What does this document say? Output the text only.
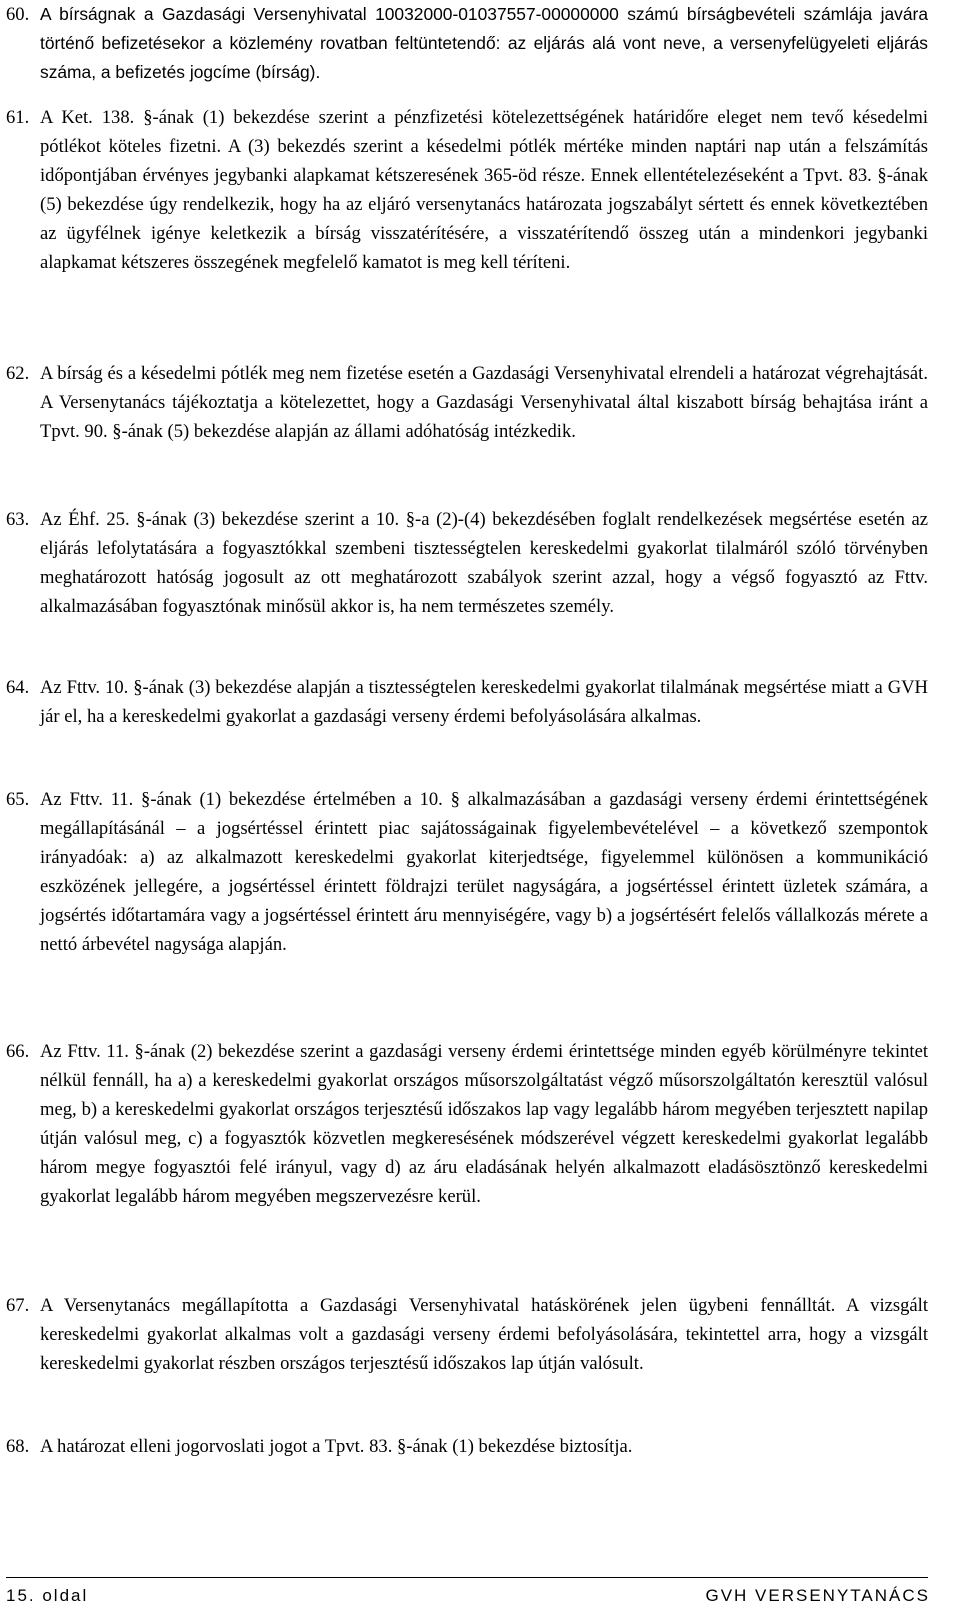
60. A bírságnak a Gazdasági Versenyhivatal 10032000-01037557-00000000 számú bírságbevételi számlája javára történő befizetésekor a közlemény rovatban feltüntetendő: az eljárás alá vont neve, a versenyfelügyeleti eljárás száma, a befizetés jogcíme (bírság).
61. A Ket. 138. §-ának (1) bekezdése szerint a pénzfizetési kötelezettségének határidőre eleget nem tevő késedelmi pótlékot köteles fizetni. A (3) bekezdés szerint a késedelmi pótlék mértéke minden naptári nap után a felszámítás időpontjában érvényes jegybanki alapkamat kétszeresének 365-öd része. Ennek ellentételezéseként a Tpvt. 83. §-ának (5) bekezdése úgy rendelkezik, hogy ha az eljáró versenytanács határozata jogszabályt sértett és ennek következtében az ügyfélnek igénye keletkezik a bírság visszatérítésére, a visszatérítendő összeg után a mindenkori jegybanki alapkamat kétszeres összegének megfelelő kamatot is meg kell téríteni.
62. A bírság és a késedelmi pótlék meg nem fizetése esetén a Gazdasági Versenyhivatal elrendeli a határozat végrehajtását. A Versenytanács tájékoztatja a kötelezettet, hogy a Gazdasági Versenyhivatal által kiszabott bírság behajtása iránt a Tpvt. 90. §-ának (5) bekezdése alapján az állami adóhatóság intézkedik.
63. Az Éhf. 25. §-ának (3) bekezdése szerint a 10. §-a (2)-(4) bekezdésében foglalt rendelkezések megsértése esetén az eljárás lefolytatására a fogyasztókkal szembeni tisztességtelen kereskedelmi gyakorlat tilalmáról szóló törvényben meghatározott hatóság jogosult az ott meghatározott szabályok szerint azzal, hogy a végső fogyasztó az Fttv. alkalmazásában fogyasztónak minősül akkor is, ha nem természetes személy.
64. Az Fttv. 10. §-ának (3) bekezdése alapján a tisztességtelen kereskedelmi gyakorlat tilalmának megsértése miatt a GVH jár el, ha a kereskedelmi gyakorlat a gazdasági verseny érdemi befolyásolására alkalmas.
65. Az Fttv. 11. §-ának (1) bekezdése értelmében a 10. § alkalmazásában a gazdasági verseny érdemi érintettségének megállapításánál – a jogsértéssel érintett piac sajátosságainak figyelembevételével – a következő szempontok irányadóak: a) az alkalmazott kereskedelmi gyakorlat kiterjedtsége, figyelemmel különösen a kommunikáció eszközének jellegére, a jogsértéssel érintett földrajzi terület nagyságára, a jogsértéssel érintett üzletek számára, a jogsértés időtartamára vagy a jogsértéssel érintett áru mennyiségére, vagy b) a jogsértésért felelős vállalkozás mérete a nettó árbevétel nagysága alapján.
66. Az Fttv. 11. §-ának (2) bekezdése szerint a gazdasági verseny érdemi érintettsége minden egyéb körülményre tekintet nélkül fennáll, ha a) a kereskedelmi gyakorlat országos műsorszolgáltatást végző műsorszolgáltatón keresztül valósul meg, b) a kereskedelmi gyakorlat országos terjesztésű időszakos lap vagy legalább három megyében terjesztett napilap útján valósul meg, c) a fogyasztók közvetlen megkeresésének módszerével végzett kereskedelmi gyakorlat legalább három megye fogyasztói felé irányul, vagy d) az áru eladásának helyén alkalmazott eladásösztönző kereskedelmi gyakorlat legalább három megyében megszervezésre kerül.
67. A Versenytanács megállapította a Gazdasági Versenyhivatal hatáskörének jelen ügybeni fennálltát. A vizsgált kereskedelmi gyakorlat alkalmas volt a gazdasági verseny érdemi befolyásolására, tekintettel arra, hogy a vizsgált kereskedelmi gyakorlat részben országos terjesztésű időszakos lap útján valósult.
68. A határozat elleni jogorvoslati jogot a Tpvt. 83. §-ának (1) bekezdése biztosítja.
15. oldal	GVH VERSENYTANÁCS
